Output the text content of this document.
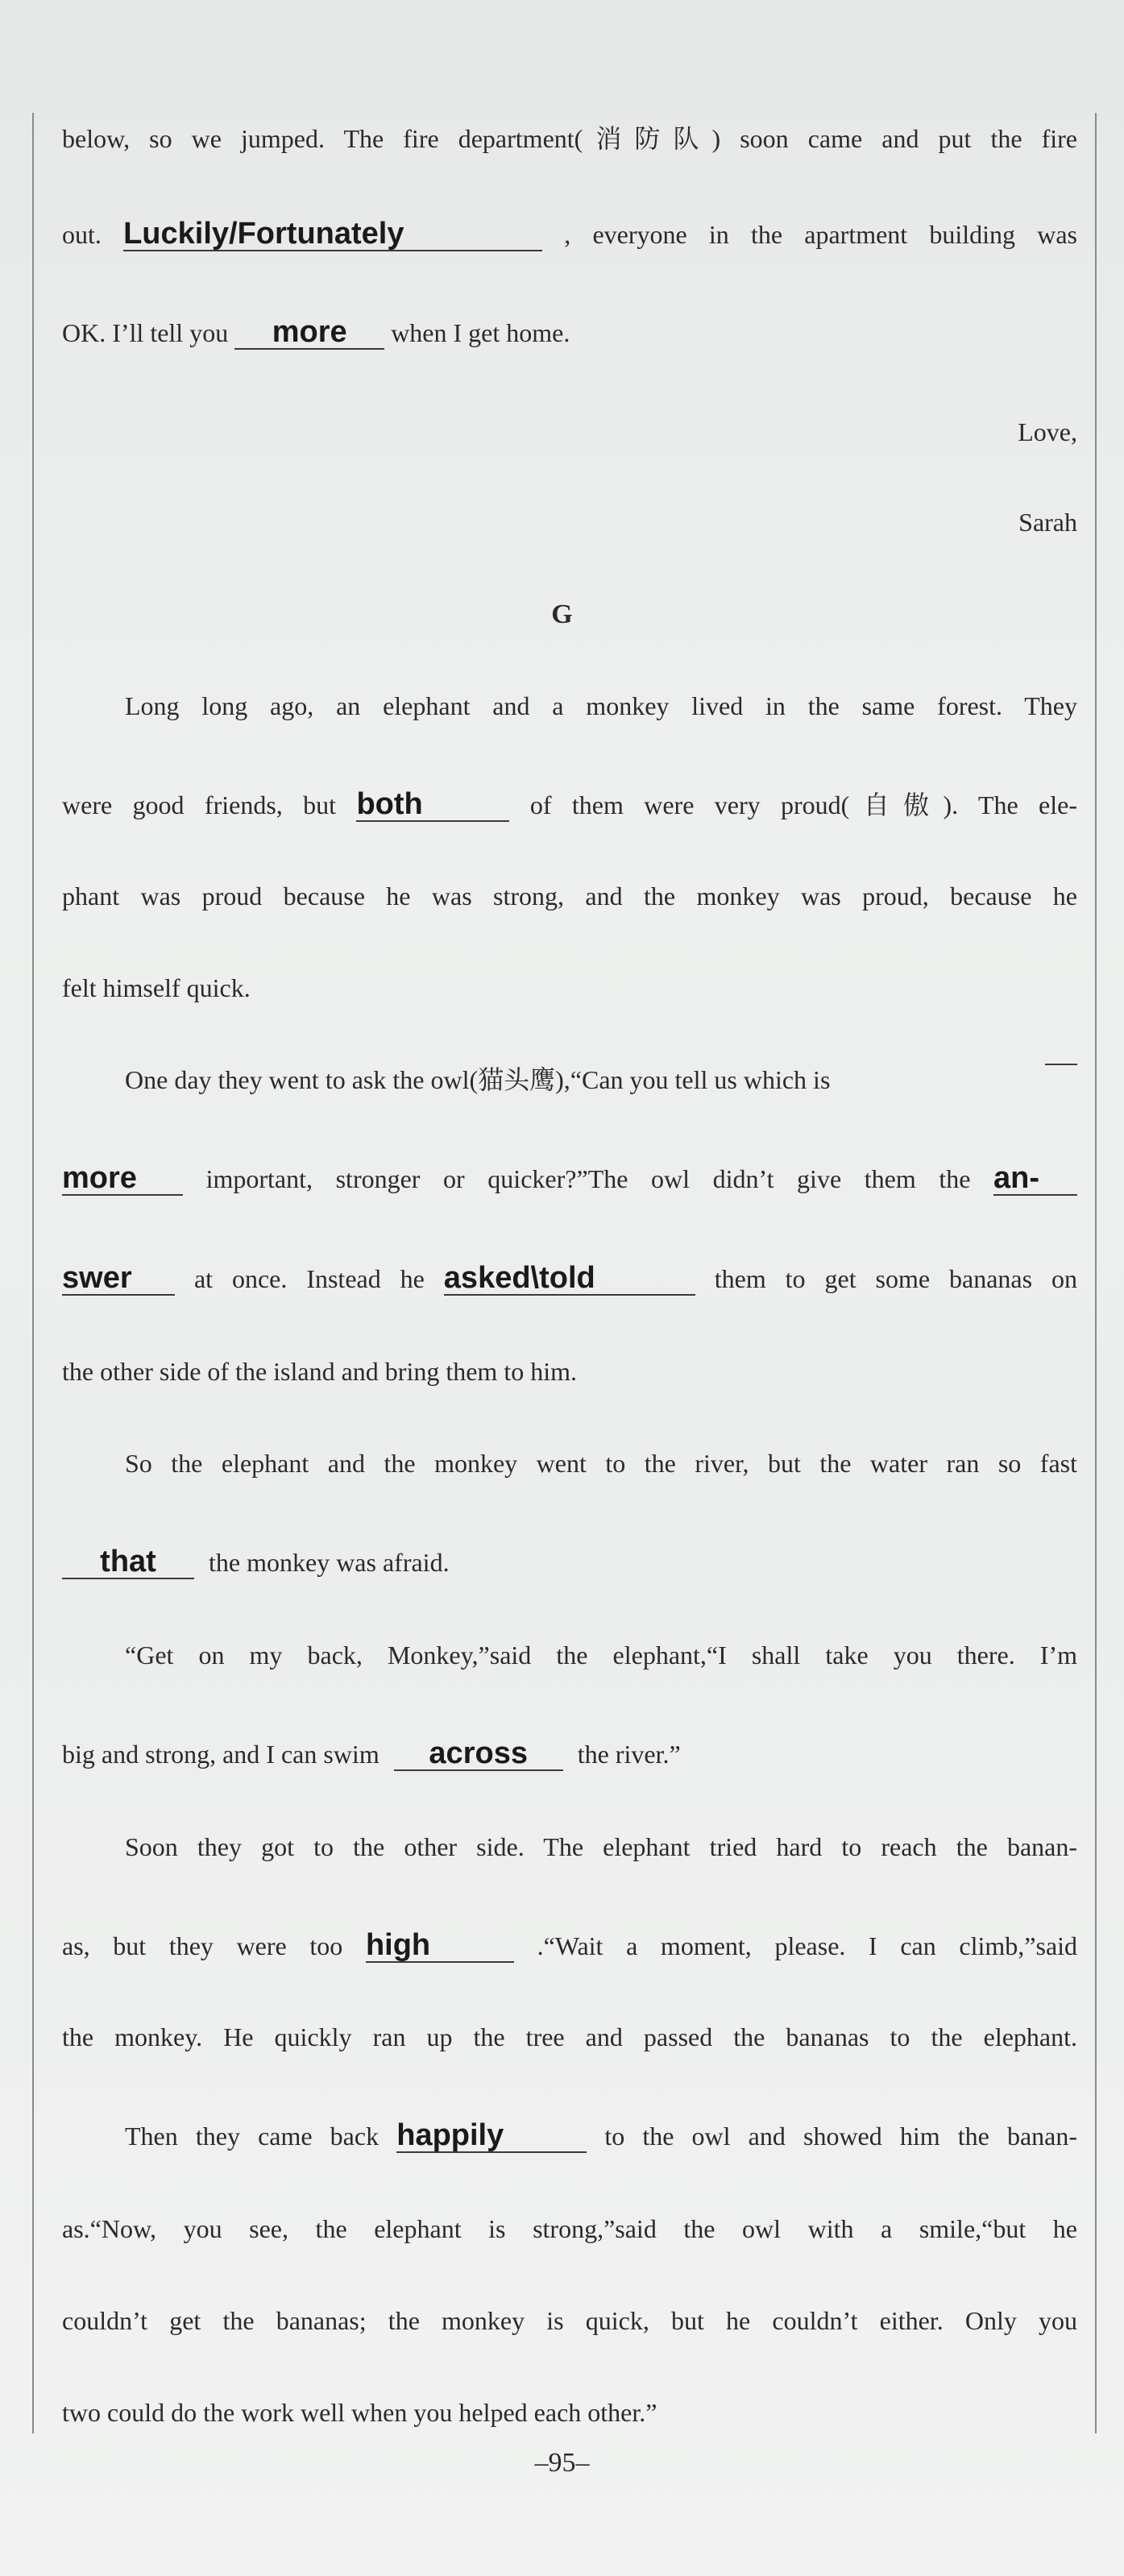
below, so we jumped. The fire department(消防队) soon came and put the fire
out. Luckily/Fortunately	, everyone in the apartment building was
OK. I’ll tell you more when I get home.
Love,
Sarah
G
Long long ago, an elephant and a monkey lived in the same forest. They
were good friends, but both	of them were very proud(自傲). The ele-
phant was proud because he was strong, and the monkey was proud, because he
felt himself quick.
One day they went to ask the owl(猫头鹰),“Can you tell us which is
more	important, stronger or quicker?”The owl didn’t give them the an-
swer at once. Instead he asked\told	them to get some bananas on
the other side of the island and bring them to him.
So the elephant and the monkey went to the river, but the water ran so fast
that the monkey was afraid.
“Get on my back, Monkey,”said the elephant,“I shall take you there. I’m
big and strong, and I can swim across the river.”
Soon they got to the other side. The elephant tried hard to reach the banan-
as, but they were too high	.“Wait a moment, please. I can climb,”said
the monkey. He quickly ran up the tree and passed the bananas to the elephant.
Then they came back happily	to the owl and showed him the banan-
as.“Now, you see, the elephant is strong,”said the owl with a smile,“but he
couldn’t get the bananas; the monkey is quick, but he couldn’t either. Only you
two could do the work well when you helped each other.”
–95–
